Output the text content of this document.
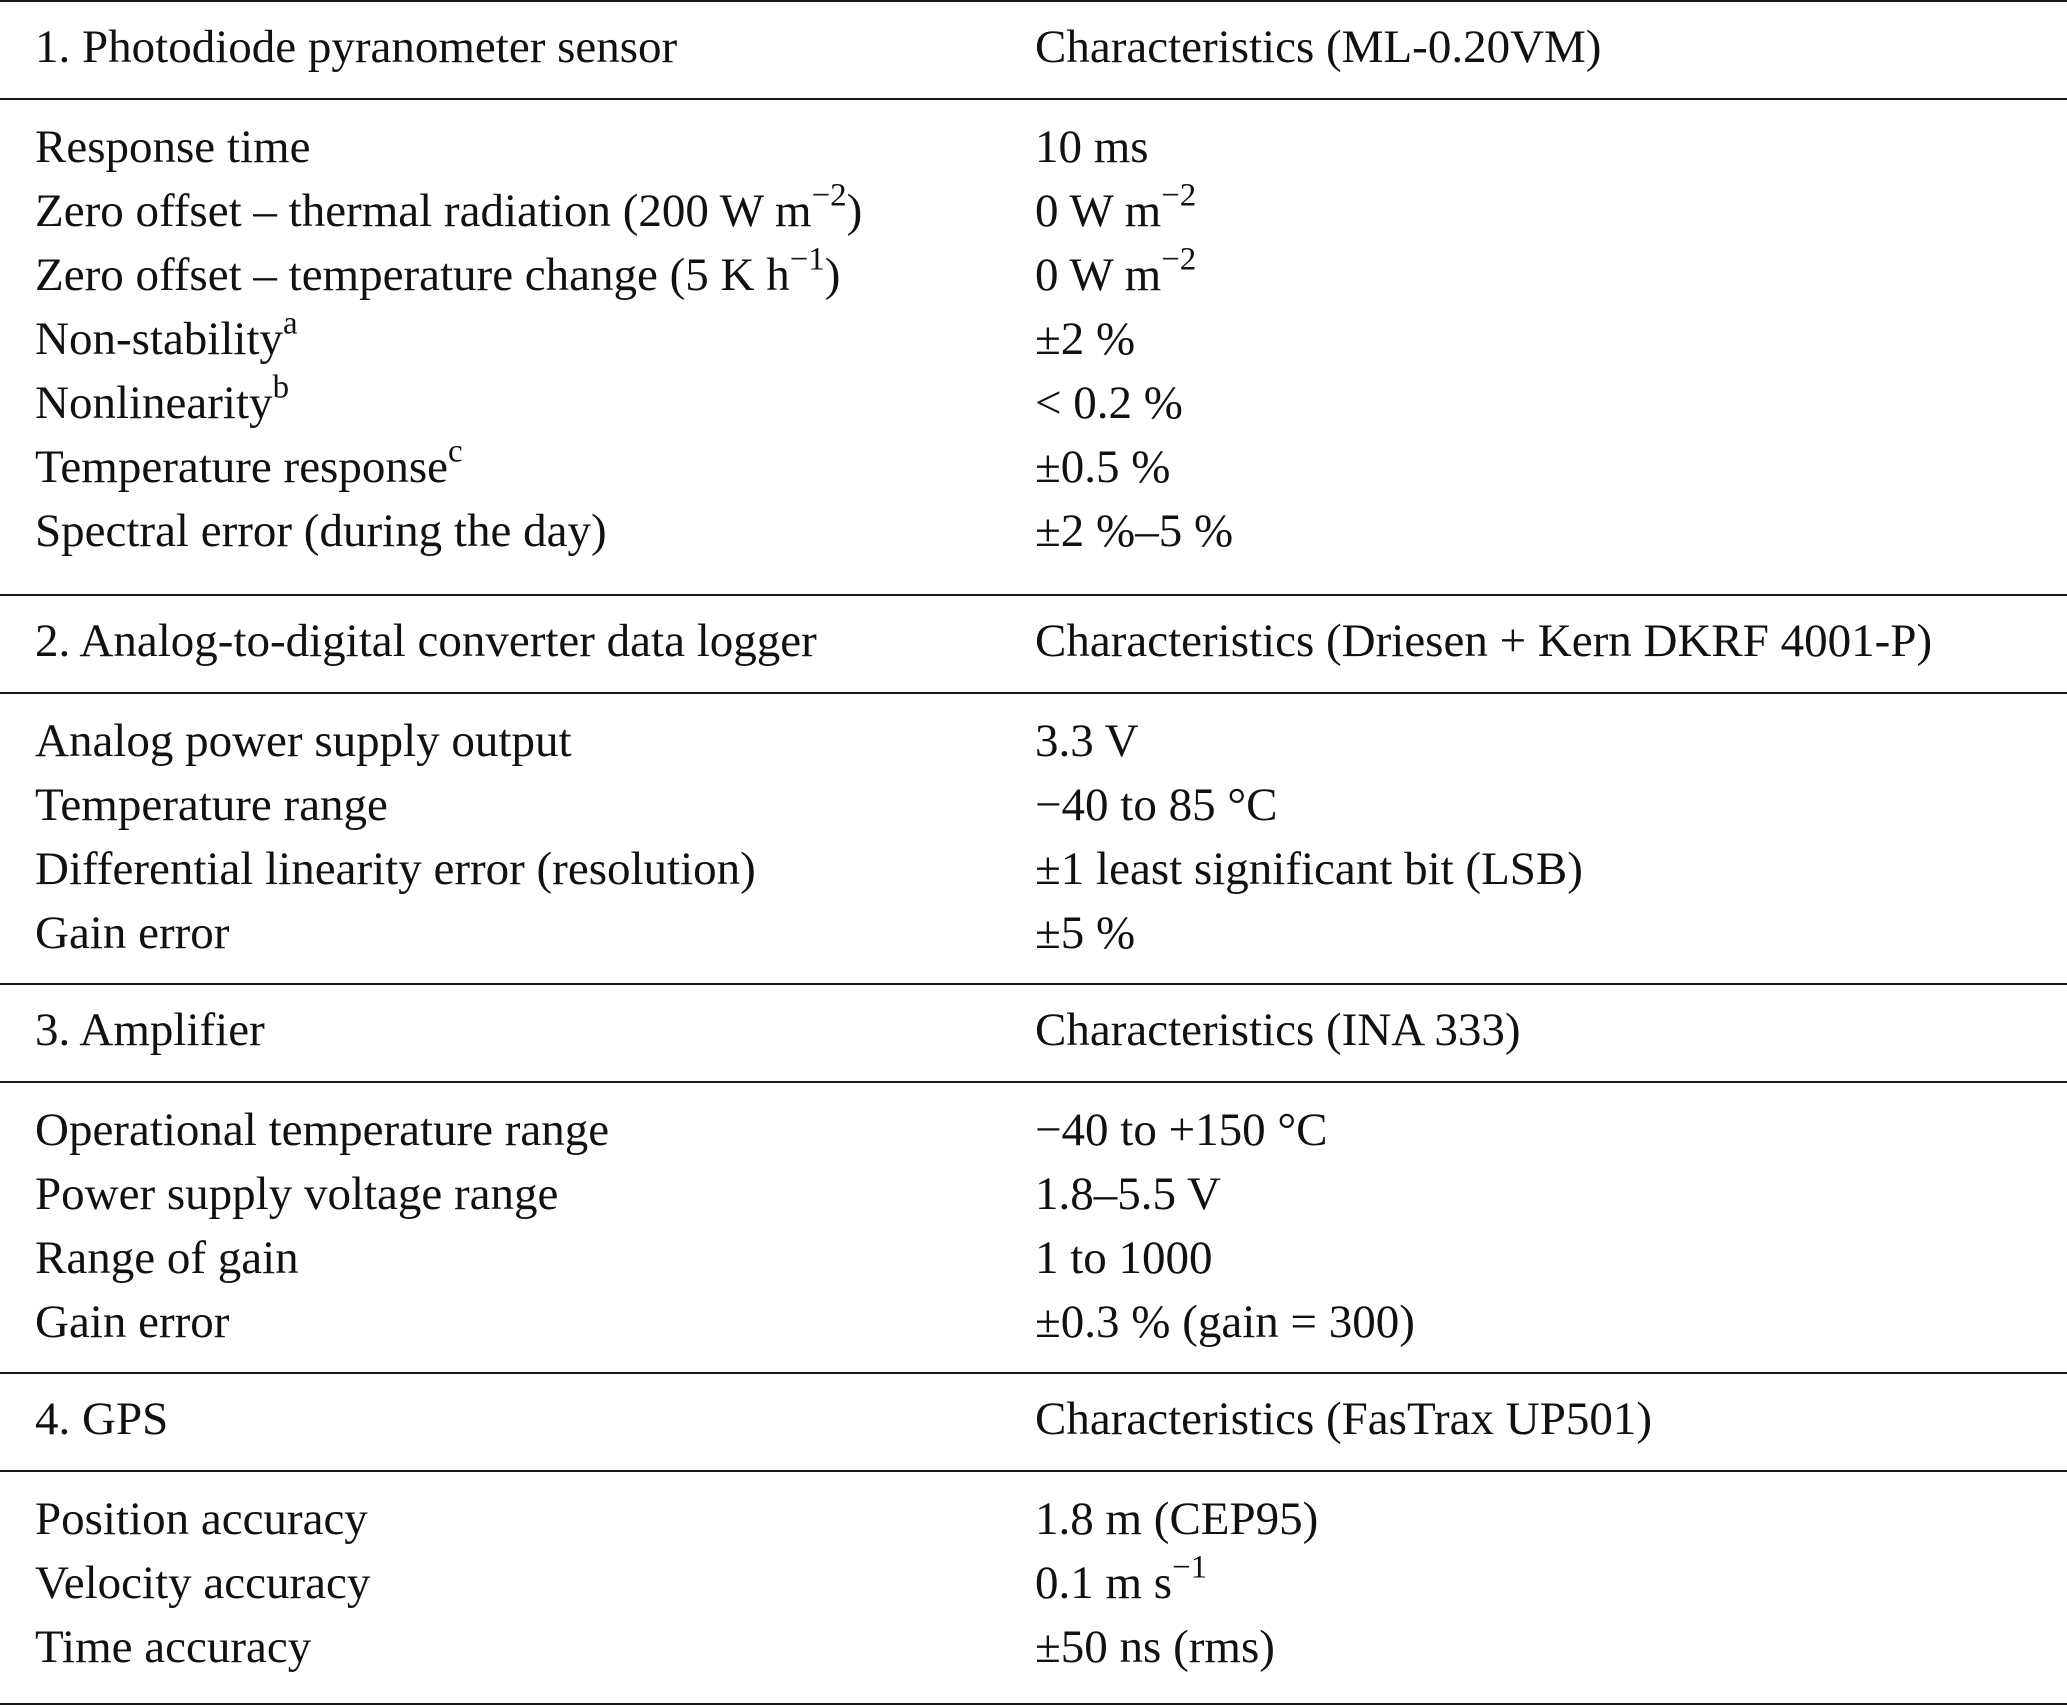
1. Photodiode pyranometer sensor	Characteristics (ML-0.20VM)
Response time	10 ms
Zero offset – thermal radiation (200 W $m^{-2}$)	0 W $m^{-2}$
Zero offset – temperature change (5 K $h^{-1}$)	0 W $m^{-2}$
Non-stability$^a$	±2 %
Nonlinearity$^b$	< 0.2 %
Temperature response$^c$	±0.5 %
Spectral error (during the day)	±2 %–5 %
2. Analog-to-digital converter data logger	Characteristics (Driesen + Kern DKRF 4001-P)
Analog power supply output	3.3 V
Temperature range	−40 to 85 °C
Differential linearity error (resolution)	±1 least significant bit (LSB)
Gain error	±5 %
3. Amplifier	Characteristics (INA 333)
Operational temperature range	−40 to +150 °C
Power supply voltage range	1.8–5.5 V
Range of gain	1 to 1000
Gain error	±0.3 % (gain = 300)
4. GPS	Characteristics (FasTrax UP501)
Position accuracy	1.8 m (CEP95)
Velocity accuracy	0.1 m $s^{-1}$
Time accuracy	±50 ns (rms)
